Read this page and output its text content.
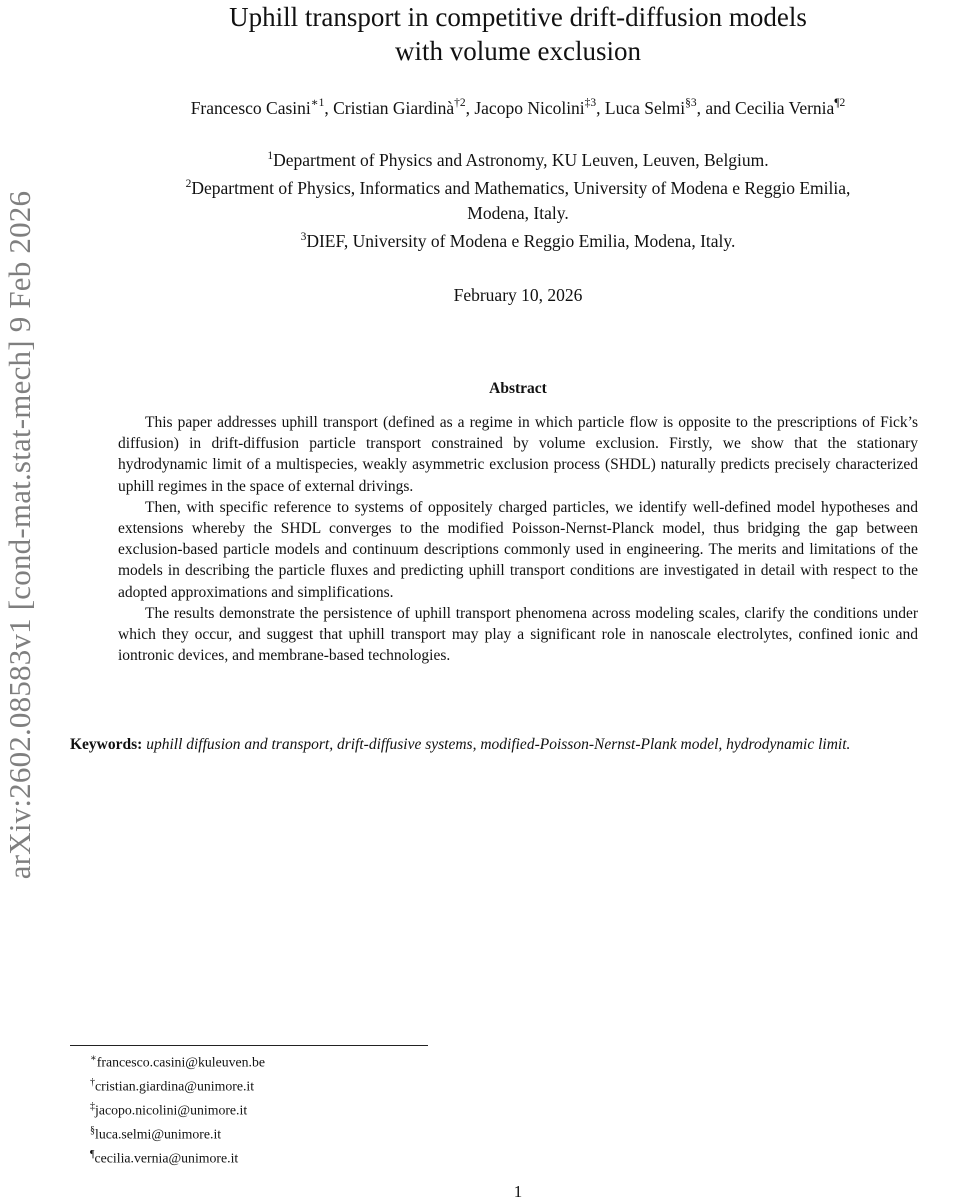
arXiv:2602.08583v1 [cond-mat.stat-mech] 9 Feb 2026
Uphill transport in competitive drift-diffusion models
with volume exclusion
Francesco Casini$^{∗1}$, Cristian Giardinà$^{\dagger 2}$, Jacopo Nicolini$^{\ddagger 3}$, Luca Selmi$^{\S 3}$, and Cecilia Vernia$^{\P 2}$
$^1$Department of Physics and Astronomy, KU Leuven, Leuven, Belgium.
$^2$Department of Physics, Informatics and Mathematics, University of Modena e Reggio Emilia,
Modena, Italy.
$^3$DIEF, University of Modena e Reggio Emilia, Modena, Italy.
February 10, 2026
Abstract

This paper addresses uphill transport (defined as a regime in which particle flow is opposite to the prescriptions of Fick’s diffusion) in drift-diffusion particle transport constrained by volume exclusion. Firstly, we show that the stationary hydrodynamic limit of a multispecies, weakly asymmetric exclusion process (SHDL) naturally predicts precisely characterized uphill regimes in the space of external drivings.

Then, with specific reference to systems of oppositely charged particles, we identify well-defined model hypotheses and extensions whereby the SHDL converges to the modified Poisson-Nernst-Planck model, thus bridging the gap between exclusion-based particle models and continuum descriptions commonly used in engineering. The merits and limitations of the models in describing the particle fluxes and predicting uphill transport conditions are investigated in detail with respect to the adopted approximations and simplifications.

The results demonstrate the persistence of uphill transport phenomena across modeling scales, clarify the conditions under which they occur, and suggest that uphill transport may play a significant role in nanoscale electrolytes, confined ionic and iontronic devices, and membrane-based technologies.

Keywords: uphill diffusion and transport, drift-diffusive systems, modified-Poisson-Nernst-Plank model, hydrodynamic limit.
∗francesco.casini@kuleuven.be
†cristian.giardina@unimore.it
‡jacopo.nicolini@unimore.it
§luca.selmi@unimore.it
¶cecilia.vernia@unimore.it
1
